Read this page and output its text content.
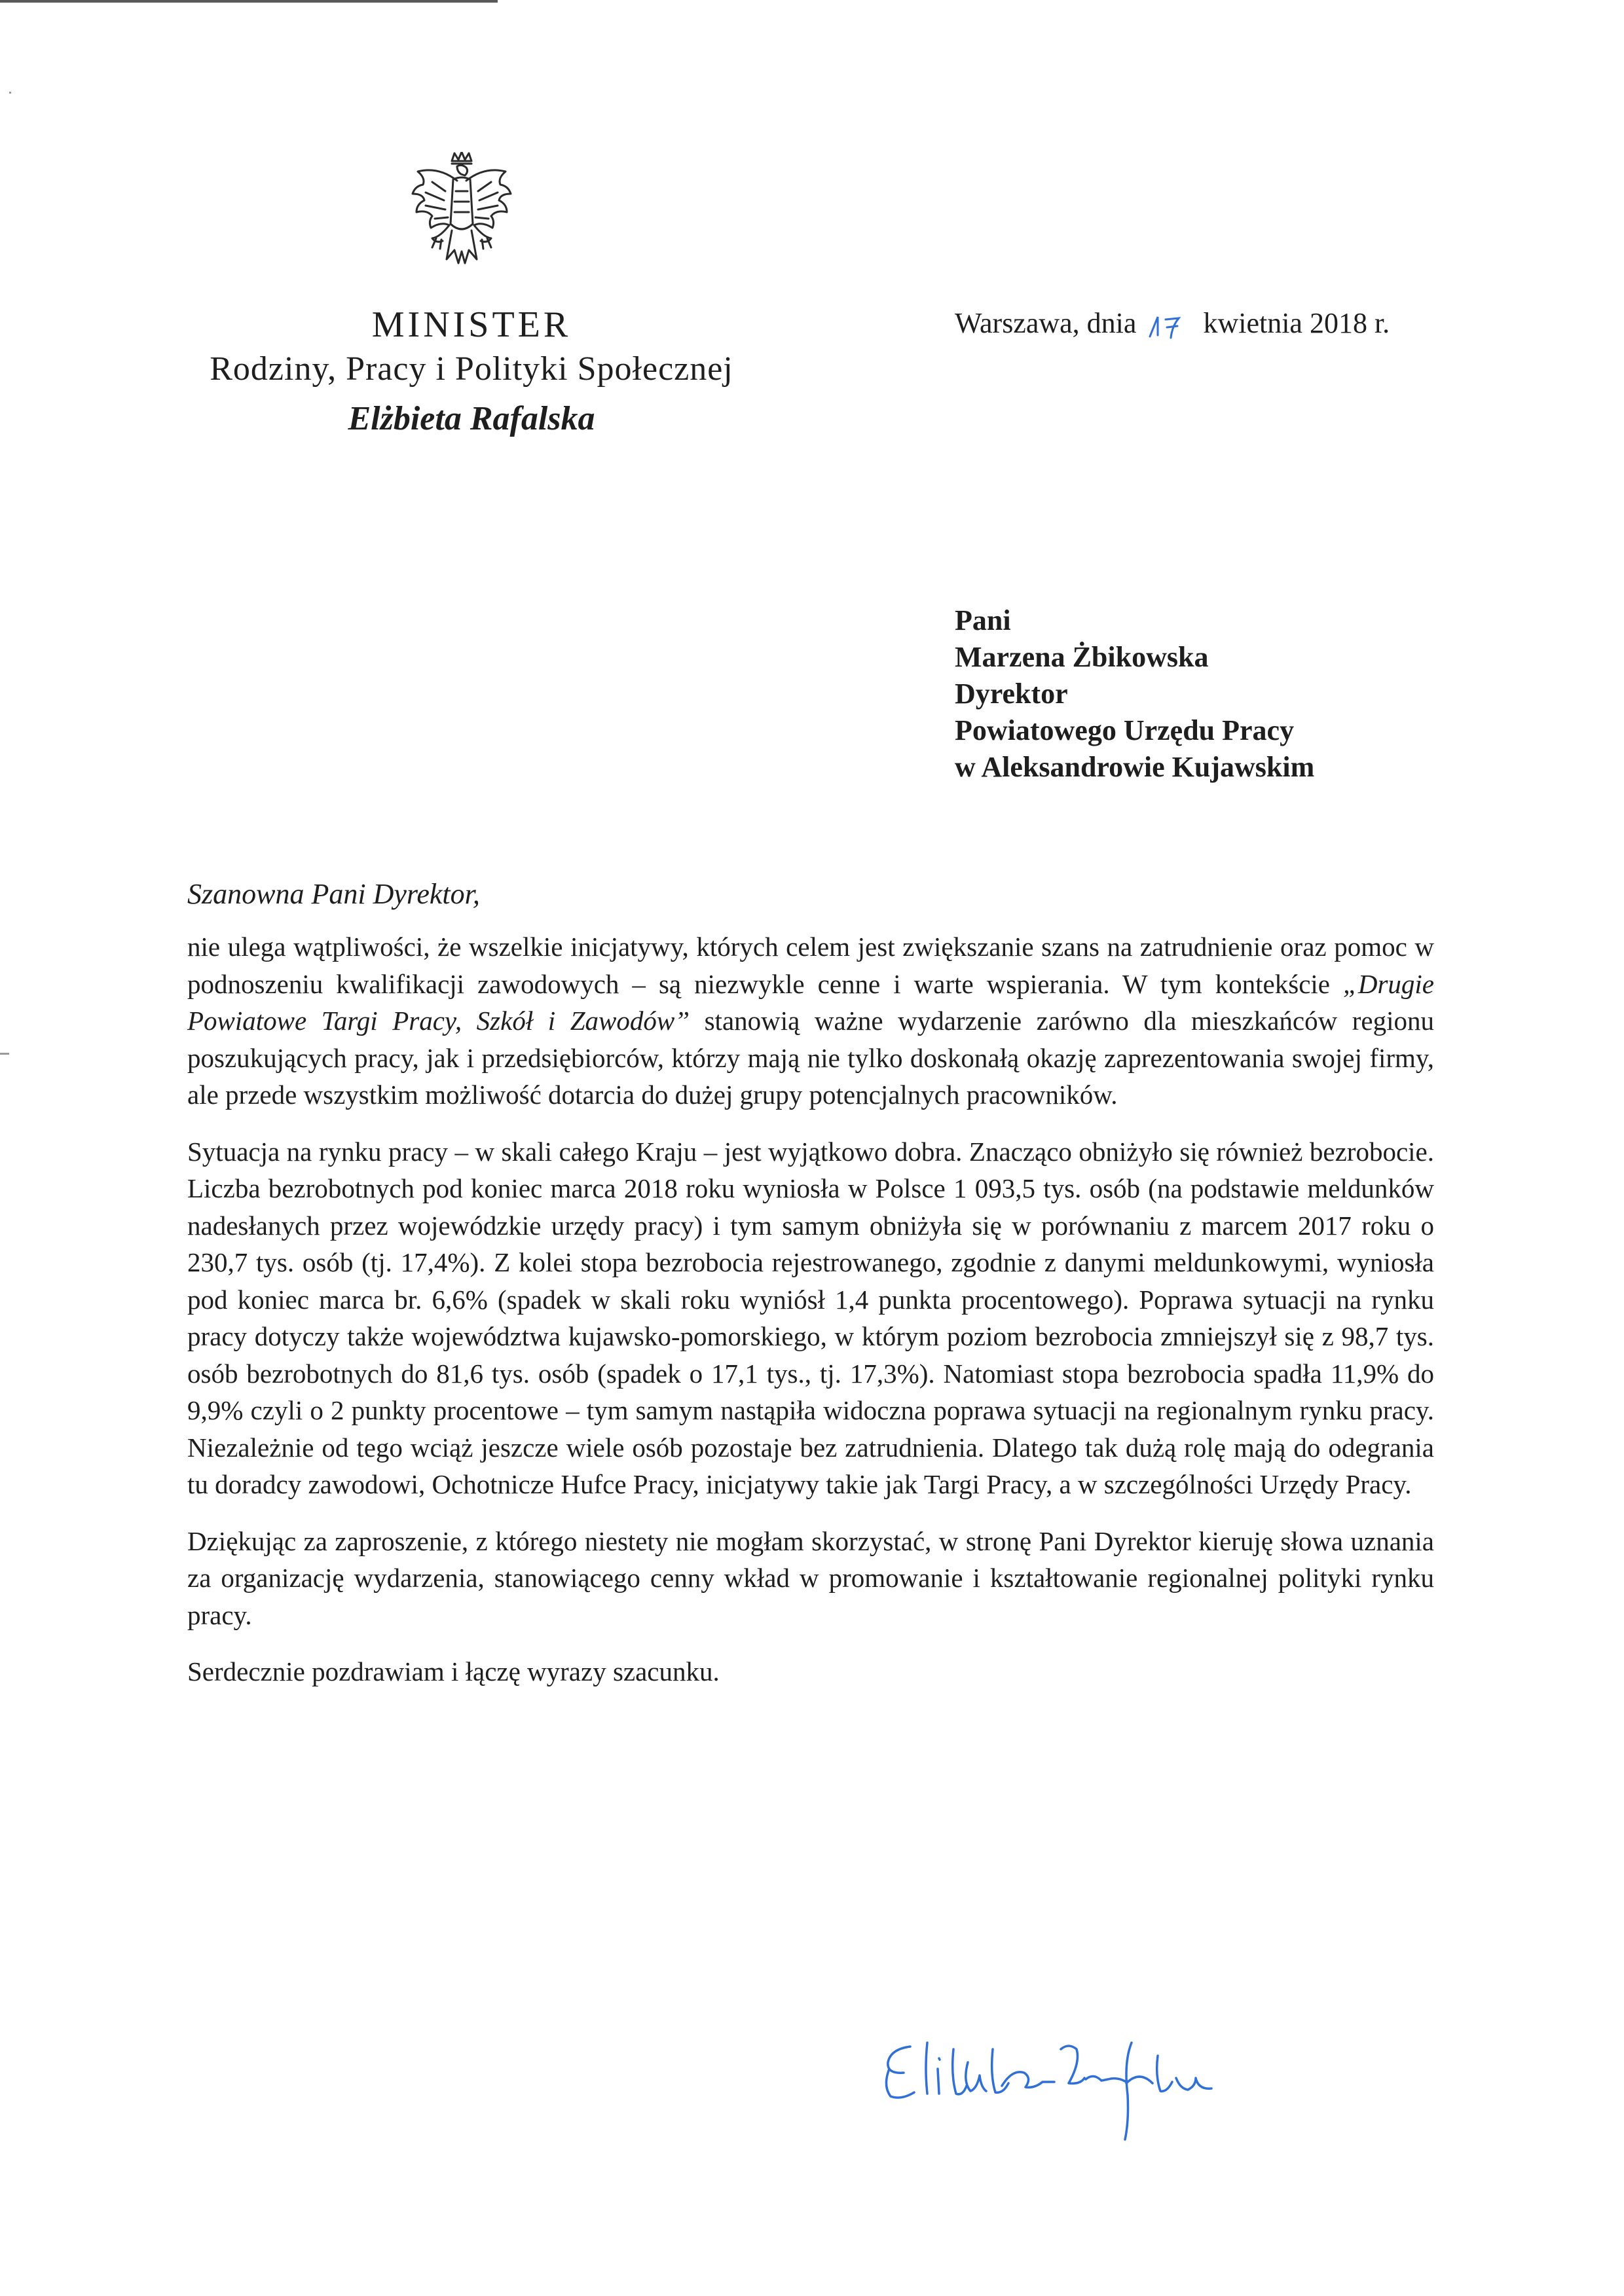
MINISTER
Rodziny, Pracy i Polityki Społecznej
Elżbieta Rafalska
Warszawa, dnia kwietnia 2018 r.
Pani
Marzena Żbikowska
Dyrektor
Powiatowego Urzędu Pracy
w Aleksandrowie Kujawskim
Szanowna Pani Dyrektor,

nie ulega wątpliwości, że wszelkie inicjatywy, których celem jest zwiększanie szans na zatrudnienie oraz pomoc w podnoszeniu kwalifikacji zawodowych – są niezwykle cenne i warte wspierania. W tym kontekście „Drugie Powiatowe Targi Pracy, Szkół i Zawodów” stanowią ważne wydarzenie zarówno dla mieszkańców regionu poszukujących pracy, jak i przedsiębiorców, którzy mają nie tylko doskonałą okazję zaprezentowania swojej firmy, ale przede wszystkim możliwość dotarcia do dużej grupy potencjalnych pracowników.

Sytuacja na rynku pracy – w skali całego Kraju – jest wyjątkowo dobra. Znacząco obniżyło się również bezrobocie. Liczba bezrobotnych pod koniec marca 2018 roku wyniosła w Polsce 1 093,5 tys. osób (na podstawie meldunków nadesłanych przez wojewódzkie urzędy pracy) i tym samym obniżyła się w porównaniu z marcem 2017 roku o 230,7 tys. osób (tj. 17,4%). Z kolei stopa bezrobocia rejestrowanego, zgodnie z danymi meldunkowymi, wyniosła pod koniec marca br. 6,6% (spadek w skali roku wyniósł 1,4 punkta procentowego). Poprawa sytuacji na rynku pracy dotyczy także województwa kujawsko-pomorskiego, w którym poziom bezrobocia zmniejszył się z 98,7 tys. osób bezrobotnych do 81,6 tys. osób (spadek o 17,1 tys., tj. 17,3%). Natomiast stopa bezrobocia spadła 11,9% do 9,9% czyli o 2 punkty procentowe – tym samym nastąpiła widoczna poprawa sytuacji na regionalnym rynku pracy. Niezależnie od tego wciąż jeszcze wiele osób pozostaje bez zatrudnienia. Dlatego tak dużą rolę mają do odegrania tu doradcy zawodowi, Ochotnicze Hufce Pracy, inicjatywy takie jak Targi Pracy, a w szczególności Urzędy Pracy.

Dziękując za zaproszenie, z którego niestety nie mogłam skorzystać, w stronę Pani Dyrektor kieruję słowa uznania za organizację wydarzenia, stanowiącego cenny wkład w promowanie i kształtowanie regionalnej polityki rynku pracy.

Serdecznie pozdrawiam i łączę wyrazy szacunku.
